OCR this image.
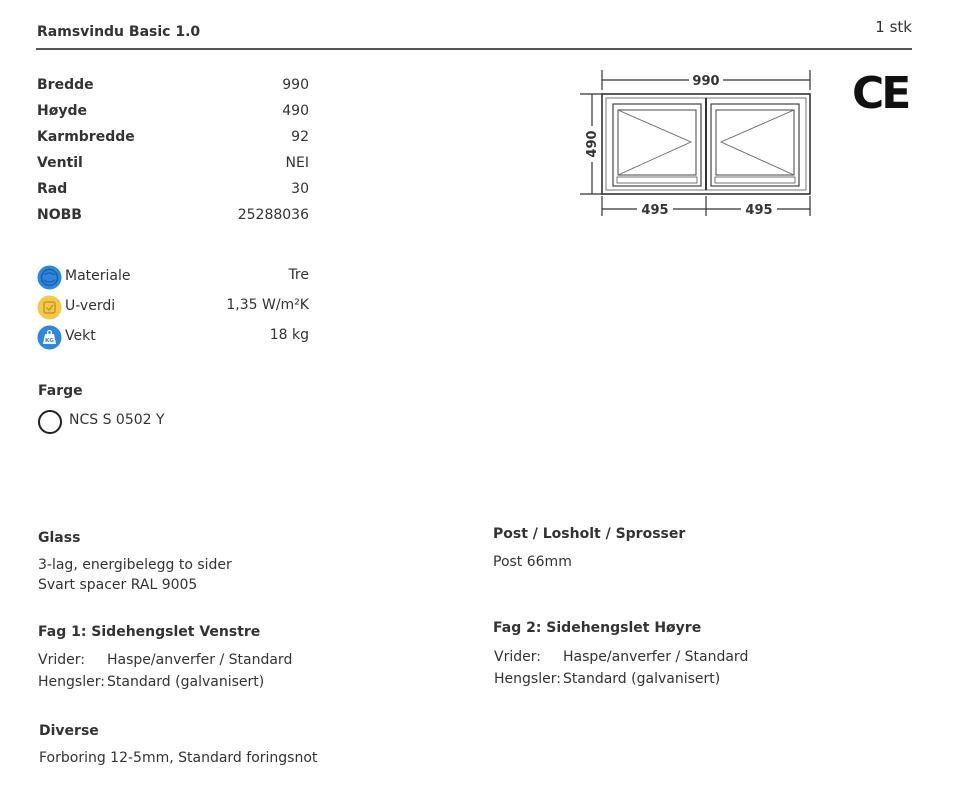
Ramsvindu Basic 1.0	1 stk
Bredde	990
Høyde	490
Karmbredde	92
Ventil	NEI
Rad	30
NOBB	25288036
Materiale	Tre
U-verdi	1,35 W/m²K
KG Vekt	18 kg
Farge
NCS S 0502 Y
990
490
495	495
CE
Glass
3-lag, energibelegg to sider
Svart spacer RAL 9005
Post / Losholt / Sprosser
Post 66mm
Fag 1: Sidehengslet Venstre
Vrider: Haspe/anverfer / Standard
Hengsler: Standard (galvanisert)
Fag 2: Sidehengslet Høyre
Vrider: Haspe/anverfer / Standard
Hengsler: Standard (galvanisert)
Diverse
Forboring 12-5mm, Standard foringsnot
